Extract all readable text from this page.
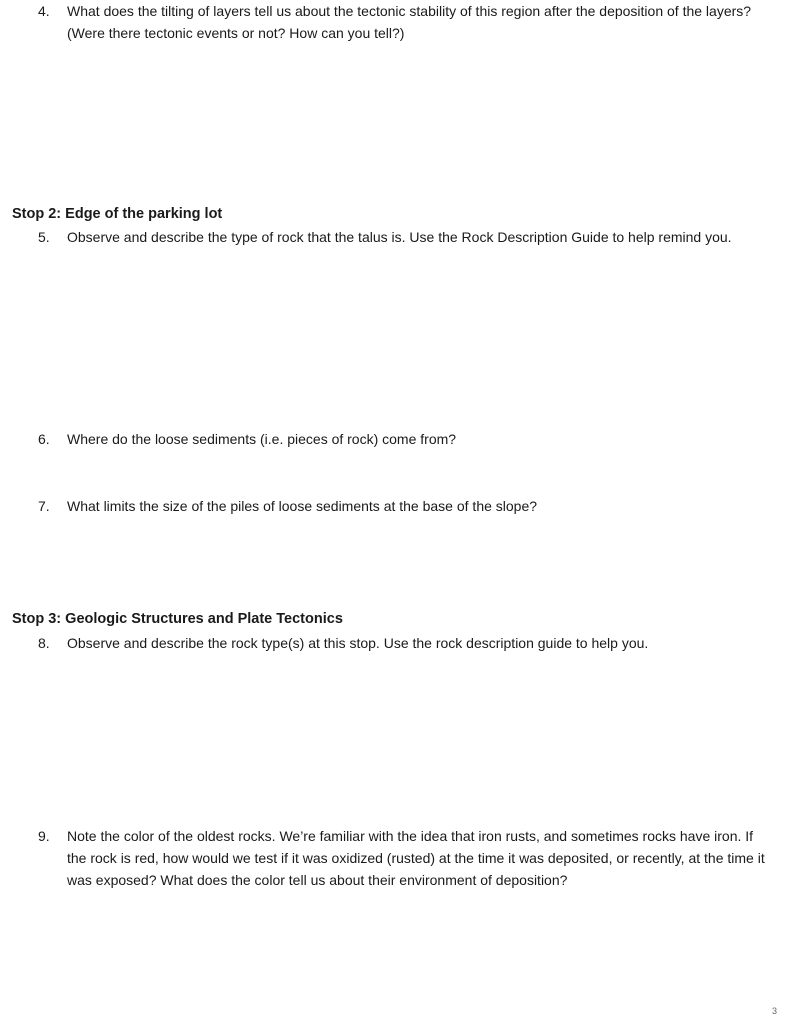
4.	What does the tilting of layers tell us about the tectonic stability of this region after the deposition of the layers? (Were there tectonic events or not? How can you tell?)
Stop 2: Edge of the parking lot
5.	Observe and describe the type of rock that the talus is. Use the Rock Description Guide to help remind you.
6.	Where do the loose sediments (i.e. pieces of rock) come from?
7.	What limits the size of the piles of loose sediments at the base of the slope?
Stop 3: Geologic Structures and Plate Tectonics
8.	Observe and describe the rock type(s) at this stop. Use the rock description guide to help you.
9.	Note the color of the oldest rocks. We’re familiar with the idea that iron rusts, and sometimes rocks have iron. If the rock is red, how would we test if it was oxidized (rusted) at the time it was deposited, or recently, at the time it was exposed? What does the color tell us about their environment of deposition?
3
